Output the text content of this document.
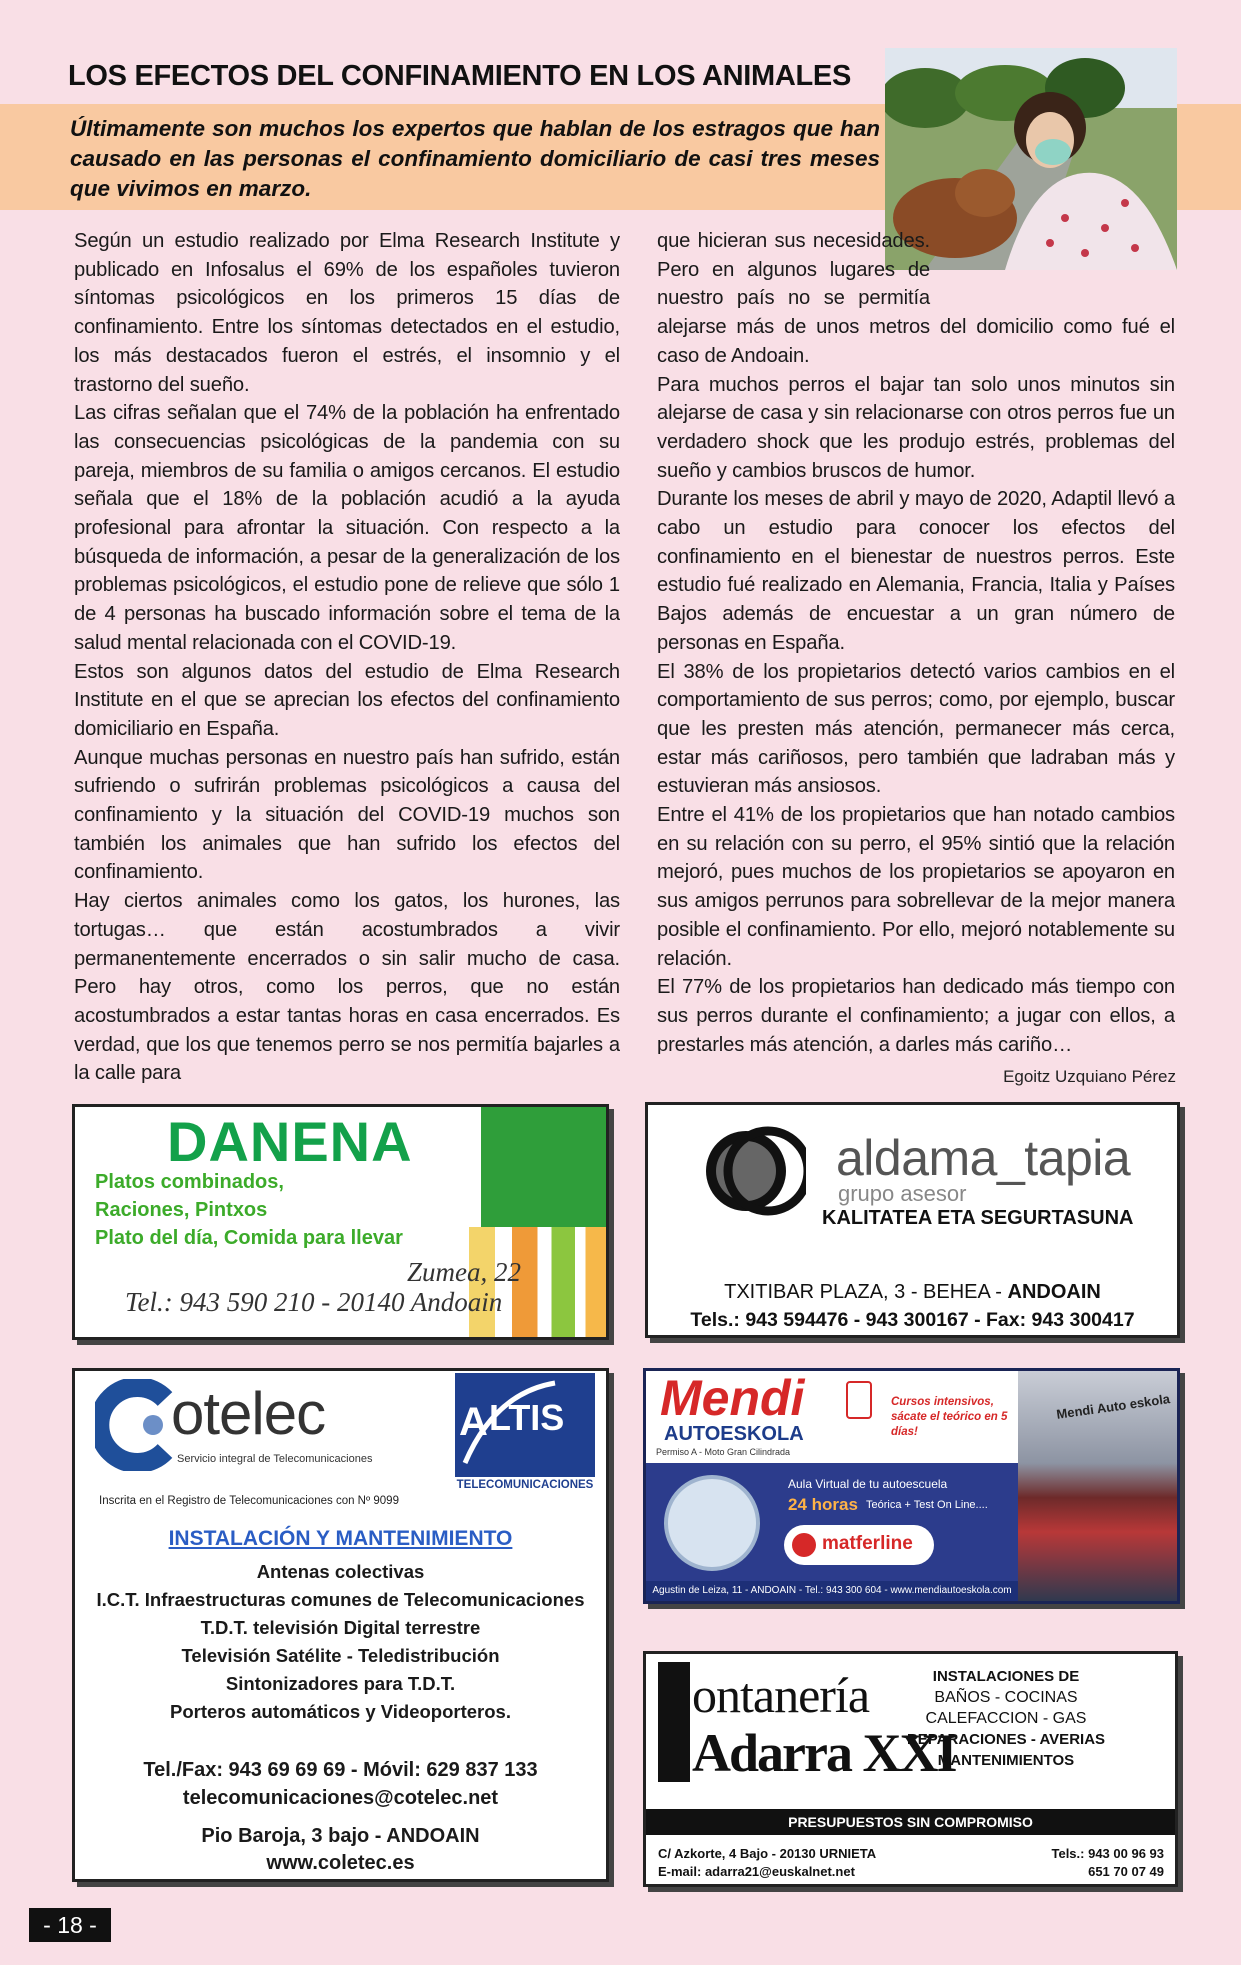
LOS EFECTOS DEL CONFINAMIENTO EN LOS ANIMALES
Últimamente son muchos los expertos que hablan de los estragos que han causado en las personas el confinamiento domiciliario de casi tres meses que vivimos en marzo.

Según un estudio realizado por Elma Research Institute y publicado en Infosalus el 69% de los españoles tuvieron síntomas psicológicos en los primeros 15 días de confinamiento. Entre los síntomas detectados en el estudio, los más destacados fueron el estrés, el insomnio y el trastorno del sueño.

Las cifras señalan que el 74% de la población ha enfrentado las consecuencias psicológicas de la pandemia con su pareja, miembros de su familia o amigos cercanos. El estudio señala que el 18% de la población acudió a la ayuda profesional para afrontar la situación. Con respecto a la búsqueda de información, a pesar de la generalización de los problemas psicológicos, el estudio pone de relieve que sólo 1 de 4 personas ha buscado información sobre el tema de la salud mental relacionada con el COVID-19.

Estos son algunos datos del estudio de Elma Research Institute en el que se aprecian los efectos del confinamiento domiciliario en España.

Aunque muchas personas en nuestro país han sufrido, están sufriendo o sufrirán problemas psicológicos a causa del confinamiento y la situación del COVID-19 muchos son también los animales que han sufrido los efectos del confinamiento.

Hay ciertos animales como los gatos, los hurones, las tortugas… que están acostumbrados a vivir permanentemente encerrados o sin salir mucho de casa. Pero hay otros, como los perros, que no están acostumbrados a estar tantas horas en casa encerrados. Es verdad, que los que tenemos perro se nos permitía bajarles a la calle para

que hicieran sus necesidades. Pero en algunos lugares de nuestro país no se permitía alejarse más de unos metros del domicilio como fué el caso de Andoain.

Para muchos perros el bajar tan solo unos minutos sin alejarse de casa y sin relacionarse con otros perros fue un verdadero shock que les produjo estrés, problemas del sueño y cambios bruscos de humor.

Durante los meses de abril y mayo de 2020, Adaptil llevó a cabo un estudio para conocer los efectos del confinamiento en el bienestar de nuestros perros. Este estudio fué realizado en Alemania, Francia, Italia y Países Bajos además de encuestar a un gran número de personas en España.

El 38% de los propietarios detectó varios cambios en el comportamiento de sus perros; como, por ejemplo, buscar que les presten más atención, permanecer más cerca, estar más cariñosos, pero también que ladraban más y estuvieran más ansiosos.

Entre el 41% de los propietarios que han notado cambios en su relación con su perro, el 95% sintió que la relación mejoró, pues muchos de los propietarios se apoyaron en sus amigos perrunos para sobrellevar de la mejor manera posible el confinamiento. Por ello, mejoró notablemente su relación.

El 77% de los propietarios han dedicado más tiempo con sus perros durante el confinamiento; a jugar con ellos, a prestarles más atención, a darles más cariño…

Egoitz Uzquiano Pérez
DANENA
Platos combinados,
Raciones, Pintxos
Plato del día, Comida para llevar
Zumea, 22
Tel.: 943 590 210 - 20140 Andoain
aldama_tapia
grupo asesor
KALITATEA ETA SEGURTASUNA
TXITIBAR PLAZA, 3 - BEHEA - ANDOAIN
Tels.: 943 594476 - 943 300167 - Fax: 943 300417
otelec
Servicio integral de Telecomunicaciones
A LTIS
TELECOMUNICACIONES
Inscrita en el Registro de Telecomunicaciones con Nº 9099
INSTALACIÓN Y MANTENIMIENTO
Antenas colectivas
I.C.T. Infraestructuras comunes de Telecomunicaciones
T.D.T. televisión Digital terrestre
Televisión Satélite - Teledistribución
Sintonizadores para T.D.T.
Porteros automáticos y Videoporteros.
Tel./Fax: 943 69 69 69 - Móvil: 629 837 133
telecomunicaciones@cotelec.net
Pio Baroja, 3 bajo - ANDOAIN
www.coletec.es
Mendi
AUTOESKOLA
Permiso A - Moto Gran Cilindrada
Cursos intensivos, sácate el teórico en 5 días!
Mendi Auto eskola
Aula Virtual de tu autoescuela
24 horas Teórica + Test On Line....
matferline
Agustin de Leiza, 11 - ANDOAIN - Tel.: 943 300 604 - www.mendiautoeskola.com
ontanería
Adarra XXI
INSTALACIONES DE
BAÑOS - COCINAS
CALEFACCION - GAS
REPARACIONES - AVERIAS
MANTENIMIENTOS
PRESUPUESTOS SIN COMPROMISO
C/ Azkorte, 4 Bajo - 20130 URNIETA
E-mail: adarra21@euskalnet.net
Tels.: 943 00 96 93
651 70 07 49
- 18 -
